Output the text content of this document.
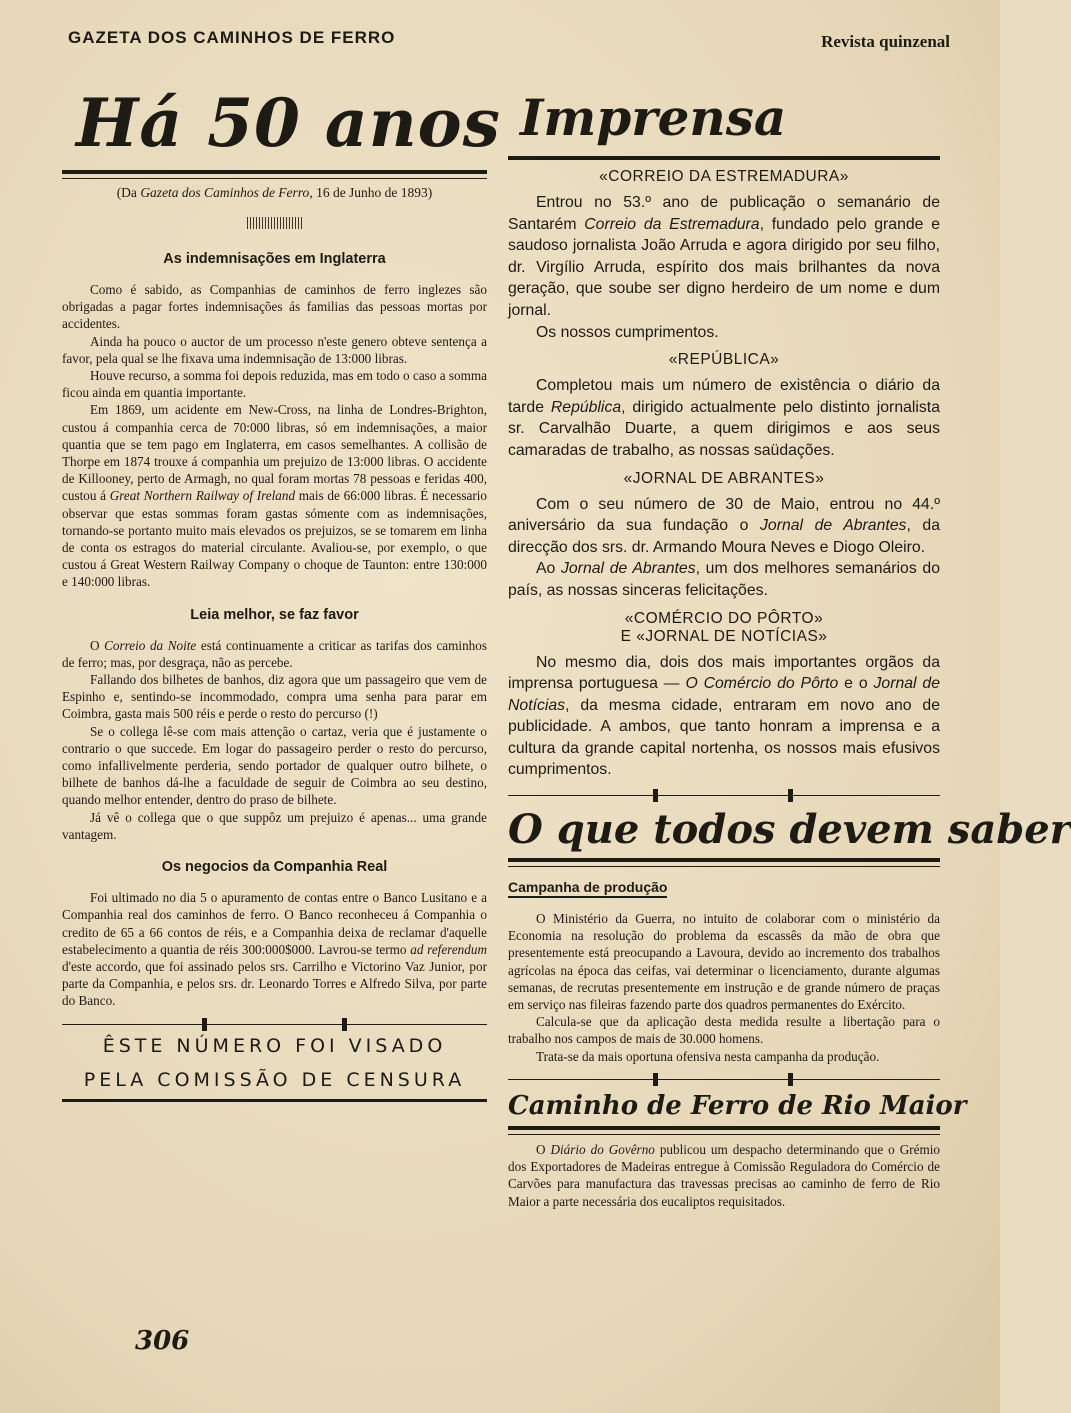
GAZETA DOS CAMINHOS DE FERRO	Revista quinzenal
Há 50 anos
(Da Gazeta dos Caminhos de Ferro, 16 de Junho de 1893)
As indemnisações em Inglaterra

Como é sabido, as Companhias de caminhos de ferro inglezes são obrigadas a pagar fortes indemnisações ás familias das pessoas mortas por accidentes.

Ainda ha pouco o auctor de um processo n'este genero obteve sentença a favor, pela qual se lhe fixava uma indemnisação de 13:000 libras.

Houve recurso, a somma foi depois reduzida, mas em todo o caso a somma ficou ainda em quantia importante.

Em 1869, um acidente em New-Cross, na linha de Londres-Brighton, custou á companhia cerca de 70:000 libras, só em indemnisações, a maior quantia que se tem pago em Inglaterra, em casos semelhantes. A collisão de Thorpe em 1874 trouxe á companhia um prejuizo de 13:000 libras. O accidente de Killooney, perto de Armagh, no qual foram mortas 78 pessoas e feridas 400, custou á Great Northern Railway of Ireland mais de 66:000 libras. É necessario observar que estas sommas foram gastas sómente com as indemnisações, tornando-se portanto muito mais elevados os prejuizos, se se tomarem em linha de conta os estragos do material circulante. Avaliou-se, por exemplo, o que custou á Great Western Railway Company o choque de Taunton: entre 130:000 e 140:000 libras.

Leia melhor, se faz favor

O Correio da Noite está continuamente a criticar as tarifas dos caminhos de ferro; mas, por desgraça, não as percebe.

Fallando dos bilhetes de banhos, diz agora que um passageiro que vem de Espinho e, sentindo-se incommodado, compra uma senha para parar em Coimbra, gasta mais 500 réis e perde o resto do percurso (!)

Se o collega lê-se com mais attenção o cartaz, veria que é justamente o contrario o que succede. Em logar do passageiro perder o resto do percurso, como infallivelmente perderia, sendo portador de qualquer outro bilhete, o bilhete de banhos dá-lhe a faculdade de seguir de Coimbra ao seu destino, quando melhor entender, dentro do praso de bilhete.

Já vê o collega que o que suppôz um prejuizo é apenas... uma grande vantagem.

Os negocios da Companhia Real

Foi ultimado no dia 5 o apuramento de contas entre o Banco Lusitano e a Companhia real dos caminhos de ferro. O Banco reconheceu á Companhia o credito de 65 a 66 contos de réis, e a Companhia deixa de reclamar d'aquelle estabelecimento a quantia de réis 300:000$000. Lavrou-se termo ad referendum d'este accordo, que foi assinado pelos srs. Carrilho e Victorino Vaz Junior, por parte da Companhia, e pelos srs. dr. Leonardo Torres e Alfredo Silva, por parte do Banco.

ÊSTE NÚMERO FOI VISADO
PELA COMISSÃO DE CENSURA
Imprensa
«CORREIO DA ESTREMADURA»

Entrou no 53.º ano de publicação o semanário de Santarém Correio da Estremadura, fundado pelo grande e saudoso jornalista João Arruda e agora dirigido por seu filho, dr. Virgílio Arruda, espírito dos mais brilhantes da nova geração, que soube ser digno herdeiro de um nome e dum jornal.

Os nossos cumprimentos.

«REPÚBLICA»

Completou mais um número de existência o diário da tarde República, dirigido actualmente pelo distinto jornalista sr. Carvalhão Duarte, a quem dirigimos e aos seus camaradas de trabalho, as nossas saüdações.

«JORNAL DE ABRANTES»

Com o seu número de 30 de Maio, entrou no 44.º aniversário da sua fundação o Jornal de Abrantes, da direcção dos srs. dr. Armando Moura Neves e Diogo Oleiro.

Ao Jornal de Abrantes, um dos melhores semanários do país, as nossas sinceras felicitações.

«COMÉRCIO DO PÔRTO»
E «JORNAL DE NOTÍCIAS»

No mesmo dia, dois dos mais importantes orgãos da imprensa portuguesa — O Comércio do Pôrto e o Jornal de Notícias, da mesma cidade, entraram em novo ano de publicidade. A ambos, que tanto honram a imprensa e a cultura da grande capital nortenha, os nossos mais efusivos cumprimentos.

O que todos devem saber
Campanha de produção

O Ministério da Guerra, no intuito de colaborar com o ministério da Economia na resolução do problema da escassês da mão de obra que presentemente está preocupando a Lavoura, devido ao incremento dos trabalhos agrícolas na época das ceifas, vai determinar o licenciamento, durante algumas semanas, de recrutas presentemente em instrução e de grande número de praças em serviço nas fileiras fazendo parte dos quadros permanentes do Exército.

Calcula-se que da aplicação desta medida resulte a libertação para o trabalho nos campos de mais de 30.000 homens.

Trata-se da mais oportuna ofensiva nesta campanha da produção.

Caminho de Ferro de Rio Maior

O Diário do Govêrno publicou um despacho determinando que o Grémio dos Exportadores de Madeiras entregue à Comissão Reguladora do Comércio de Carvões para manufactura das travessas precisas ao caminho de ferro de Rio Maior a parte necessária dos eucaliptos requisitados.

306
